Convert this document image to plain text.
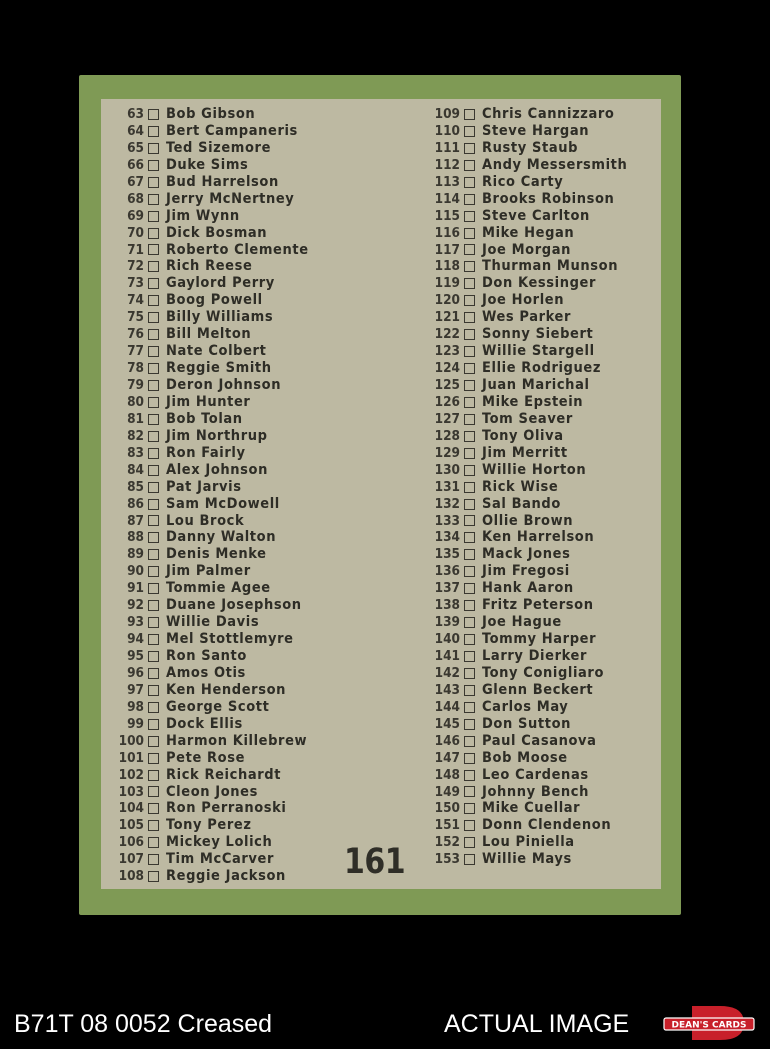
63 Bob Gibson
64 Bert Campaneris
65 Ted Sizemore
66 Duke Sims
67 Bud Harrelson
68 Jerry McNertney
69 Jim Wynn
70 Dick Bosman
71 Roberto Clemente
72 Rich Reese
73 Gaylord Perry
74 Boog Powell
75 Billy Williams
76 Bill Melton
77 Nate Colbert
78 Reggie Smith
79 Deron Johnson
80 Jim Hunter
81 Bob Tolan
82 Jim Northrup
83 Ron Fairly
84 Alex Johnson
85 Pat Jarvis
86 Sam McDowell
87 Lou Brock
88 Danny Walton
89 Denis Menke
90 Jim Palmer
91 Tommie Agee
92 Duane Josephson
93 Willie Davis
94 Mel Stottlemyre
95 Ron Santo
96 Amos Otis
97 Ken Henderson
98 George Scott
99 Dock Ellis
100 Harmon Killebrew
101 Pete Rose
102 Rick Reichardt
103 Cleon Jones
104 Ron Perranoski
105 Tony Perez
106 Mickey Lolich
107 Tim McCarver
108 Reggie Jackson
109 Chris Cannizzaro
110 Steve Hargan
111 Rusty Staub
112 Andy Messersmith
113 Rico Carty
114 Brooks Robinson
115 Steve Carlton
116 Mike Hegan
117 Joe Morgan
118 Thurman Munson
119 Don Kessinger
120 Joe Horlen
121 Wes Parker
122 Sonny Siebert
123 Willie Stargell
124 Ellie Rodriguez
125 Juan Marichal
126 Mike Epstein
127 Tom Seaver
128 Tony Oliva
129 Jim Merritt
130 Willie Horton
131 Rick Wise
132 Sal Bando
133 Ollie Brown
134 Ken Harrelson
135 Mack Jones
136 Jim Fregosi
137 Hank Aaron
138 Fritz Peterson
139 Joe Hague
140 Tommy Harper
141 Larry Dierker
142 Tony Conigliaro
143 Glenn Beckert
144 Carlos May
145 Don Sutton
146 Paul Casanova
147 Bob Moose
148 Leo Cardenas
149 Johnny Bench
150 Mike Cuellar
151 Donn Clendenon
152 Lou Piniella
153 Willie Mays
161
B71T 08 0052 Creased	ACTUAL IMAGE	DEAN'S CARDS
